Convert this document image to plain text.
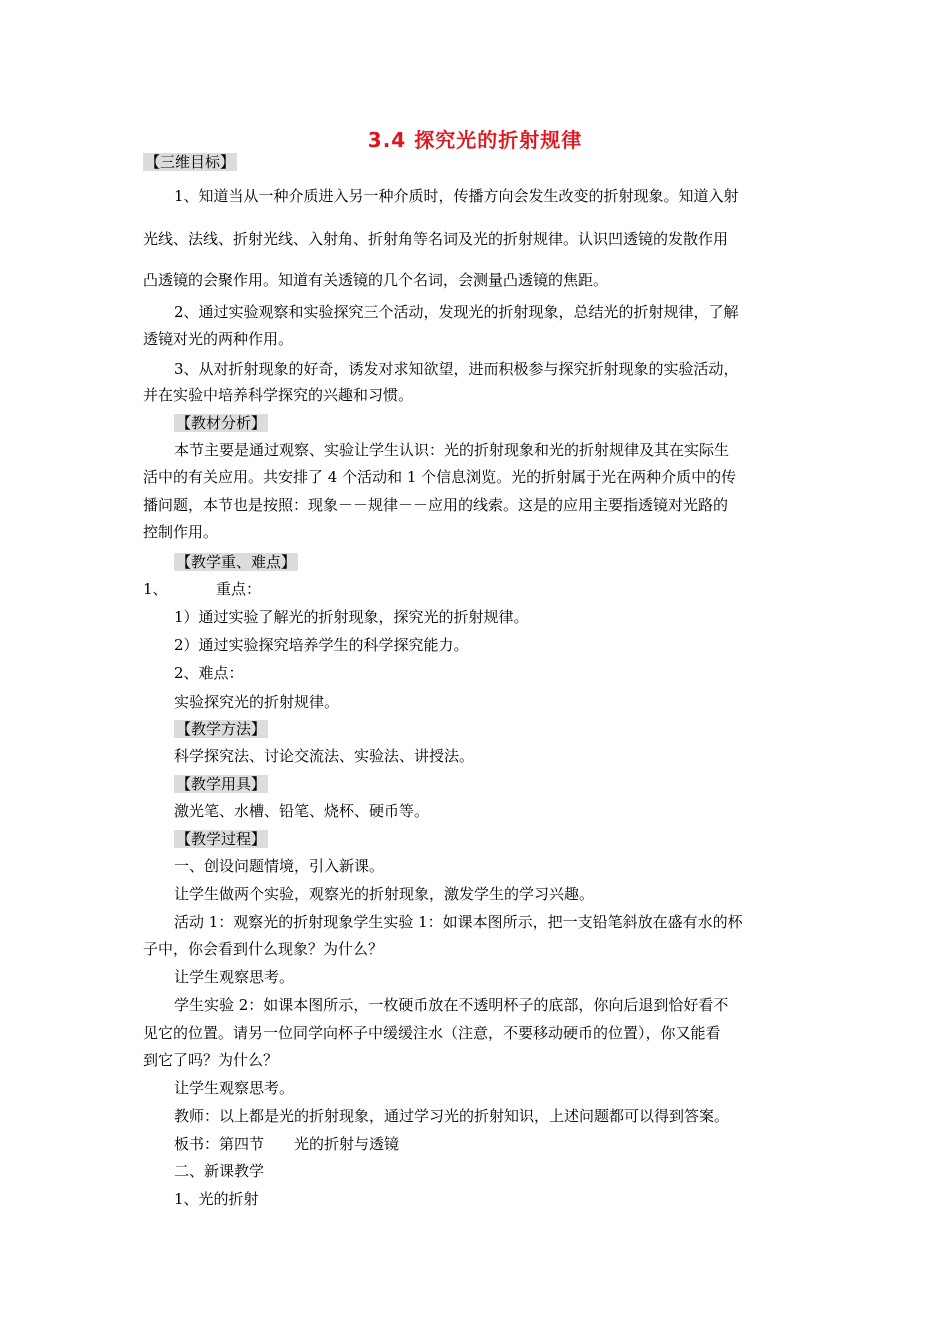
3.4 探究光的折射规律
【三维目标】
1、知道当从一种介质进入另一种介质时，传播方向会发生改变的折射现象。知道入射
光线、法线、折射光线、入射角、折射角等名词及光的折射规律。认识凹透镜的发散作用
凸透镜的会聚作用。知道有关透镜的几个名词，会测量凸透镜的焦距。
2、通过实验观察和实验探究三个活动，发现光的折射现象，总结光的折射规律，了解
透镜对光的两种作用。
3、从对折射现象的好奇，诱发对求知欲望，进而积极参与探究折射现象的实验活动，
并在实验中培养科学探究的兴趣和习惯。
【教材分析】
本节主要是通过观察、实验让学生认识：光的折射现象和光的折射规律及其在实际生
活中的有关应用。共安排了 4 个活动和 1 个信息浏览。光的折射属于光在两种介质中的传
播问题，本节也是按照：现象－－规律－－应用的线索。这是的应用主要指透镜对光路的
控制作用。
【教学重、难点】
1、	重点：
1）通过实验了解光的折射现象，探究光的折射规律。
2）通过实验探究培养学生的科学探究能力。
2、难点：
实验探究光的折射规律。
【教学方法】
科学探究法、讨论交流法、实验法、讲授法。
【教学用具】
激光笔、水槽、铅笔、烧杯、硬币等。
【教学过程】
一、创设问题情境，引入新课。
让学生做两个实验，观察光的折射现象，激发学生的学习兴趣。
活动 1：观察光的折射现象学生实验 1：如课本图所示，把一支铅笔斜放在盛有水的杯
子中，你会看到什么现象？为什么？
让学生观察思考。
学生实验 2：如课本图所示，一枚硬币放在不透明杯子的底部，你向后退到恰好看不
见它的位置。请另一位同学向杯子中缓缓注水（注意，不要移动硬币的位置），你又能看
到它了吗？为什么？
让学生观察思考。
教师：以上都是光的折射现象，通过学习光的折射知识，上述问题都可以得到答案。
板书：第四节　　光的折射与透镜
二、新课教学
1、光的折射
